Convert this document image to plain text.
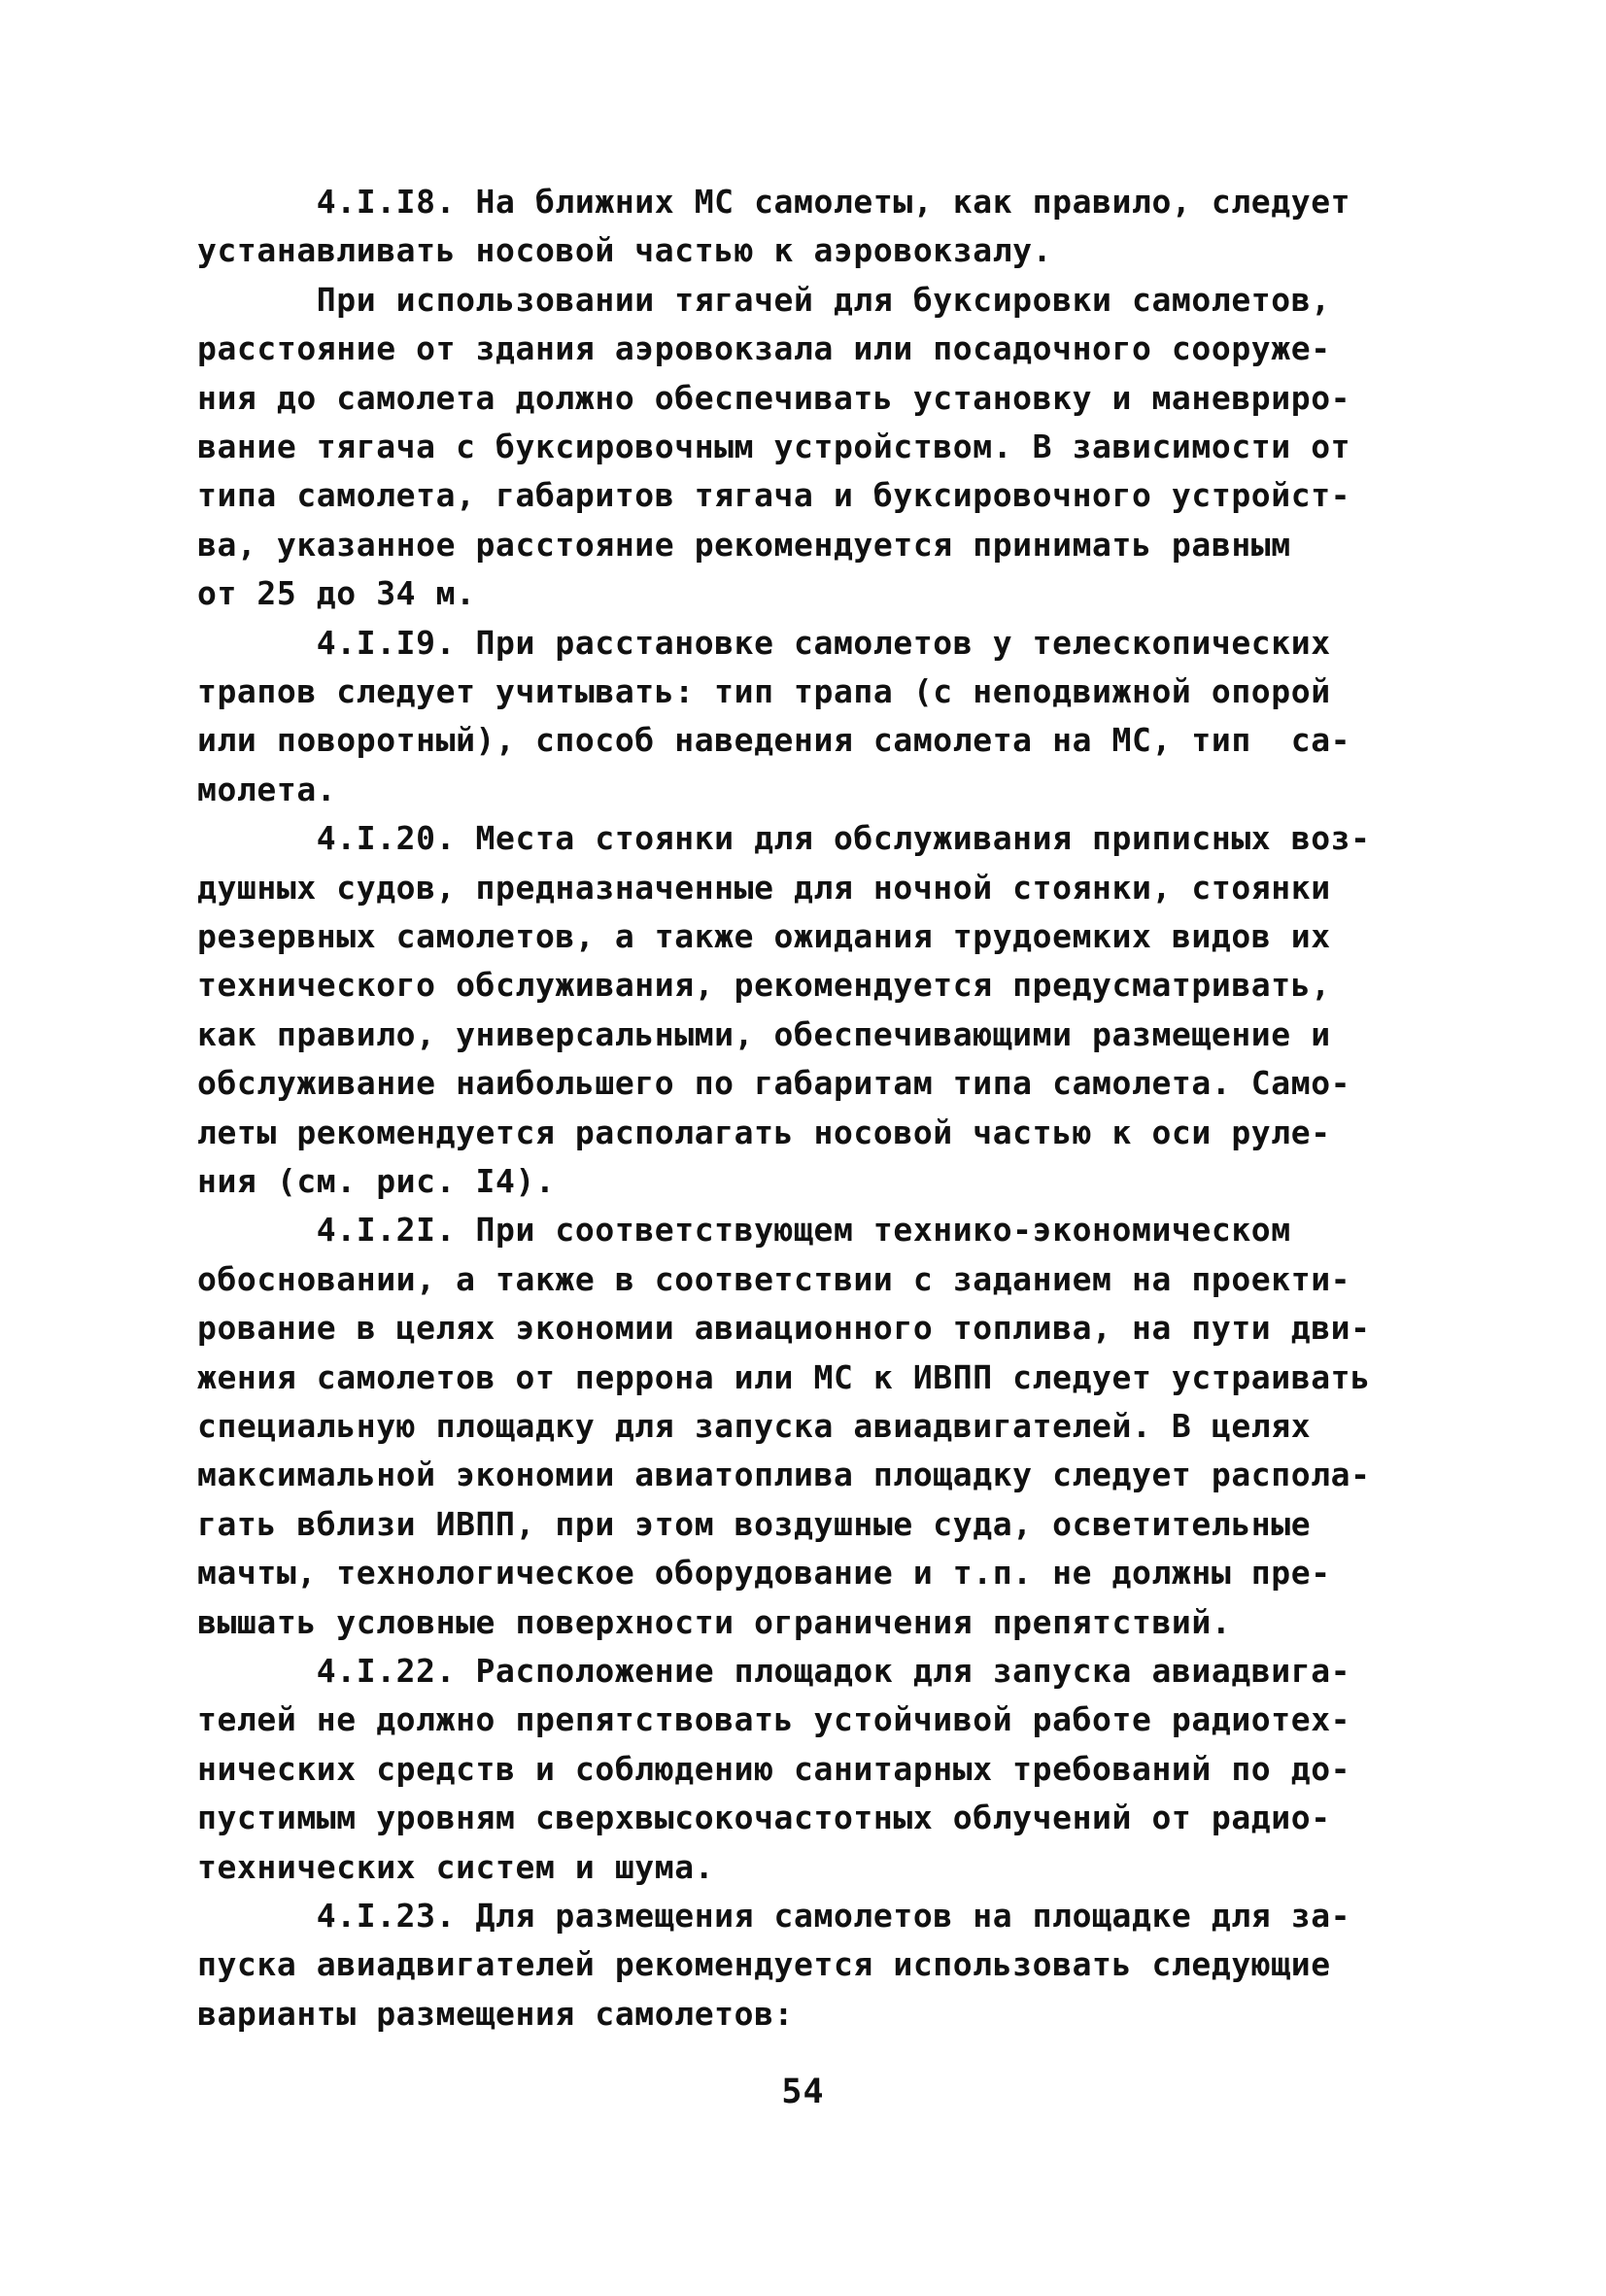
4.I.I8. На ближних МС самолеты, как правило, следует
устанавливать носовой частью к аэровокзалу.
При использовании тягачей для буксировки самолетов,
расстояние от здания аэровокзала или посадочного сооруже-
ния до самолета должно обеспечивать установку и маневриро-
вание тягача с буксировочным устройством. В зависимости от
типа самолета, габаритов тягача и буксировочного устройст-
ва, указанное расстояние рекомендуется принимать равным
от 25 до 34 м.
4.I.I9. При расстановке самолетов у телескопических
трапов следует учитывать: тип трапа (с неподвижной опорой
или поворотный), способ наведения самолета на МС, тип  са-
молета.
4.I.20. Места стоянки для обслуживания приписных воз-
душных судов, предназначенные для ночной стоянки, стоянки
резервных самолетов, а также ожидания трудоемких видов их
технического обслуживания, рекомендуется предусматривать,
как правило, универсальными, обеспечивающими размещение и
обслуживание наибольшего по габаритам типа самолета. Само-
леты рекомендуется располагать носовой частью к оси руле-
ния (см. рис. I4).
4.I.2I. При соответствующем технико-экономическом
обосновании, а также в соответствии с заданием на проекти-
рование в целях экономии авиационного топлива, на пути дви-
жения самолетов от перрона или МС к ИВПП следует устраивать
специальную площадку для запуска авиадвигателей. В целях
максимальной экономии авиатоплива площадку следует распола-
гать вблизи ИВПП, при этом воздушные суда, осветительные
мачты, технологическое оборудование и т.п. не должны пре-
вышать условные поверхности ограничения препятствий.
4.I.22. Расположение площадок для запуска авиадвига-
телей не должно препятствовать устойчивой работе радиотех-
нических средств и соблюдению санитарных требований по до-
пустимым уровням сверхвысокочастотных облучений от радио-
технических систем и шума.
4.I.23. Для размещения самолетов на площадке для за-
пуска авиадвигателей рекомендуется использовать следующие
варианты размещения самолетов:
54
